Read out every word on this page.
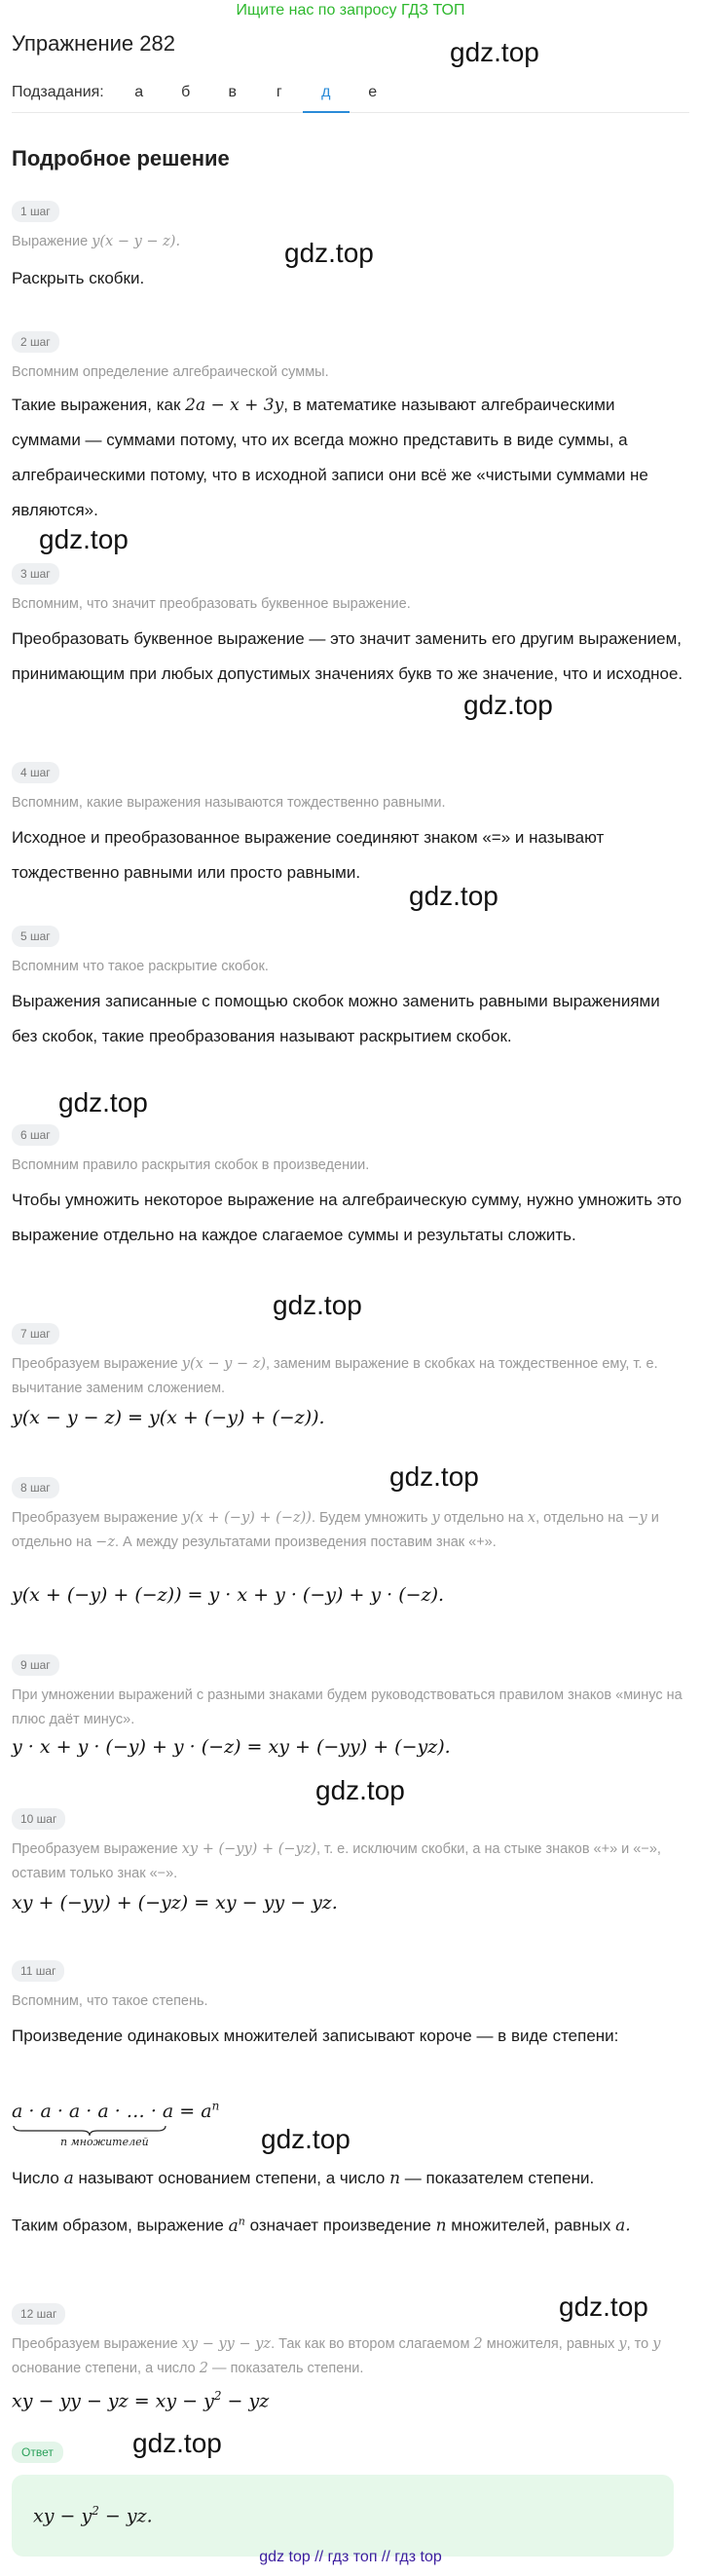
Ищите нас по запросу ГДЗ ТОП
Упражнение 282
Подзадания:	а	б	в	г	д	е
Подробное решение
gdz.top
gdz.top
gdz.top
gdz.top
gdz.top
gdz.top
gdz.top
gdz.top
gdz.top
gdz.top
gdz.top
gdz.top
1 шаг
Выражение y(x − y − z).
Раскрыть скобки.
2 шаг
Вспомним определение алгебраической суммы.
Такие выражения, как 2a − x + 3y, в математике называют алгебраическими суммами — суммами потому, что их всегда можно представить в виде суммы, а алгебраическими потому, что в исходной записи они всё же «чистыми суммами не являются».
3 шаг
Вспомним, что значит преобразовать буквенное выражение.
Преобразовать буквенное выражение — это значит заменить его другим выражением, принимающим при любых допустимых значениях букв то же значение, что и исходное.
4 шаг
Вспомним, какие выражения называются тождественно равными.
Исходное и преобразованное выражение соединяют знаком «=» и называют тождественно равными или просто равными.
5 шаг
Вспомним что такое раскрытие скобок.
Выражения записанные с помощью скобок можно заменить равными выражениями без скобок, такие преобразования называют раскрытием скобок.
6 шаг
Вспомним правило раскрытия скобок в произведении.
Чтобы умножить некоторое выражение на алгебраическую сумму, нужно умножить это выражение отдельно на каждое слагаемое суммы и результаты сложить.
7 шаг
Преобразуем выражение y(x − y − z), заменим выражение в скобках на тождественное ему, т. е. вычитание заменим сложением.
y(x − y − z) = y(x + (−y) + (−z)).
8 шаг
Преобразуем выражение y(x + (−y) + (−z)). Будем умножить y отдельно на x, отдельно на −y и отдельно на −z. А между результатами произведения поставим знак «+».
y(x + (−y) + (−z)) = y · x + y · (−y) + y · (−z).
9 шаг
При умножении выражений с разными знаками будем руководствоваться правилом знаков «минус на плюс даёт минус».
y · x + y · (−y) + y · (−z) = xy + (−yy) + (−yz).
10 шаг
Преобразуем выражение xy + (−yy) + (−yz), т. е. исключим скобки, а на стыке знаков «+» и «−», оставим только знак «−».
xy + (−yy) + (−yz) = xy − yy − yz.
11 шаг
Вспомним, что такое степень.
Произведение одинаковых множителей записывают короче — в виде степени:
a · a · a · a · … · $a = a^n$
n множителей
Число a называют основанием степени, а число n — показателем степени.
Таким образом, выражение $a^n$ означает произведение n множителей, равных a.
12 шаг
Преобразуем выражение xy − yy − yz. Так как во втором слагаемом 2 множителя, равных y, то y основание степени, а число 2 — показатель степени.
xy − yy − yz = xy − $y^2$ − yz
Ответ
xy − $y^2$ − yz.
gdz top // гдз топ // гдз top
